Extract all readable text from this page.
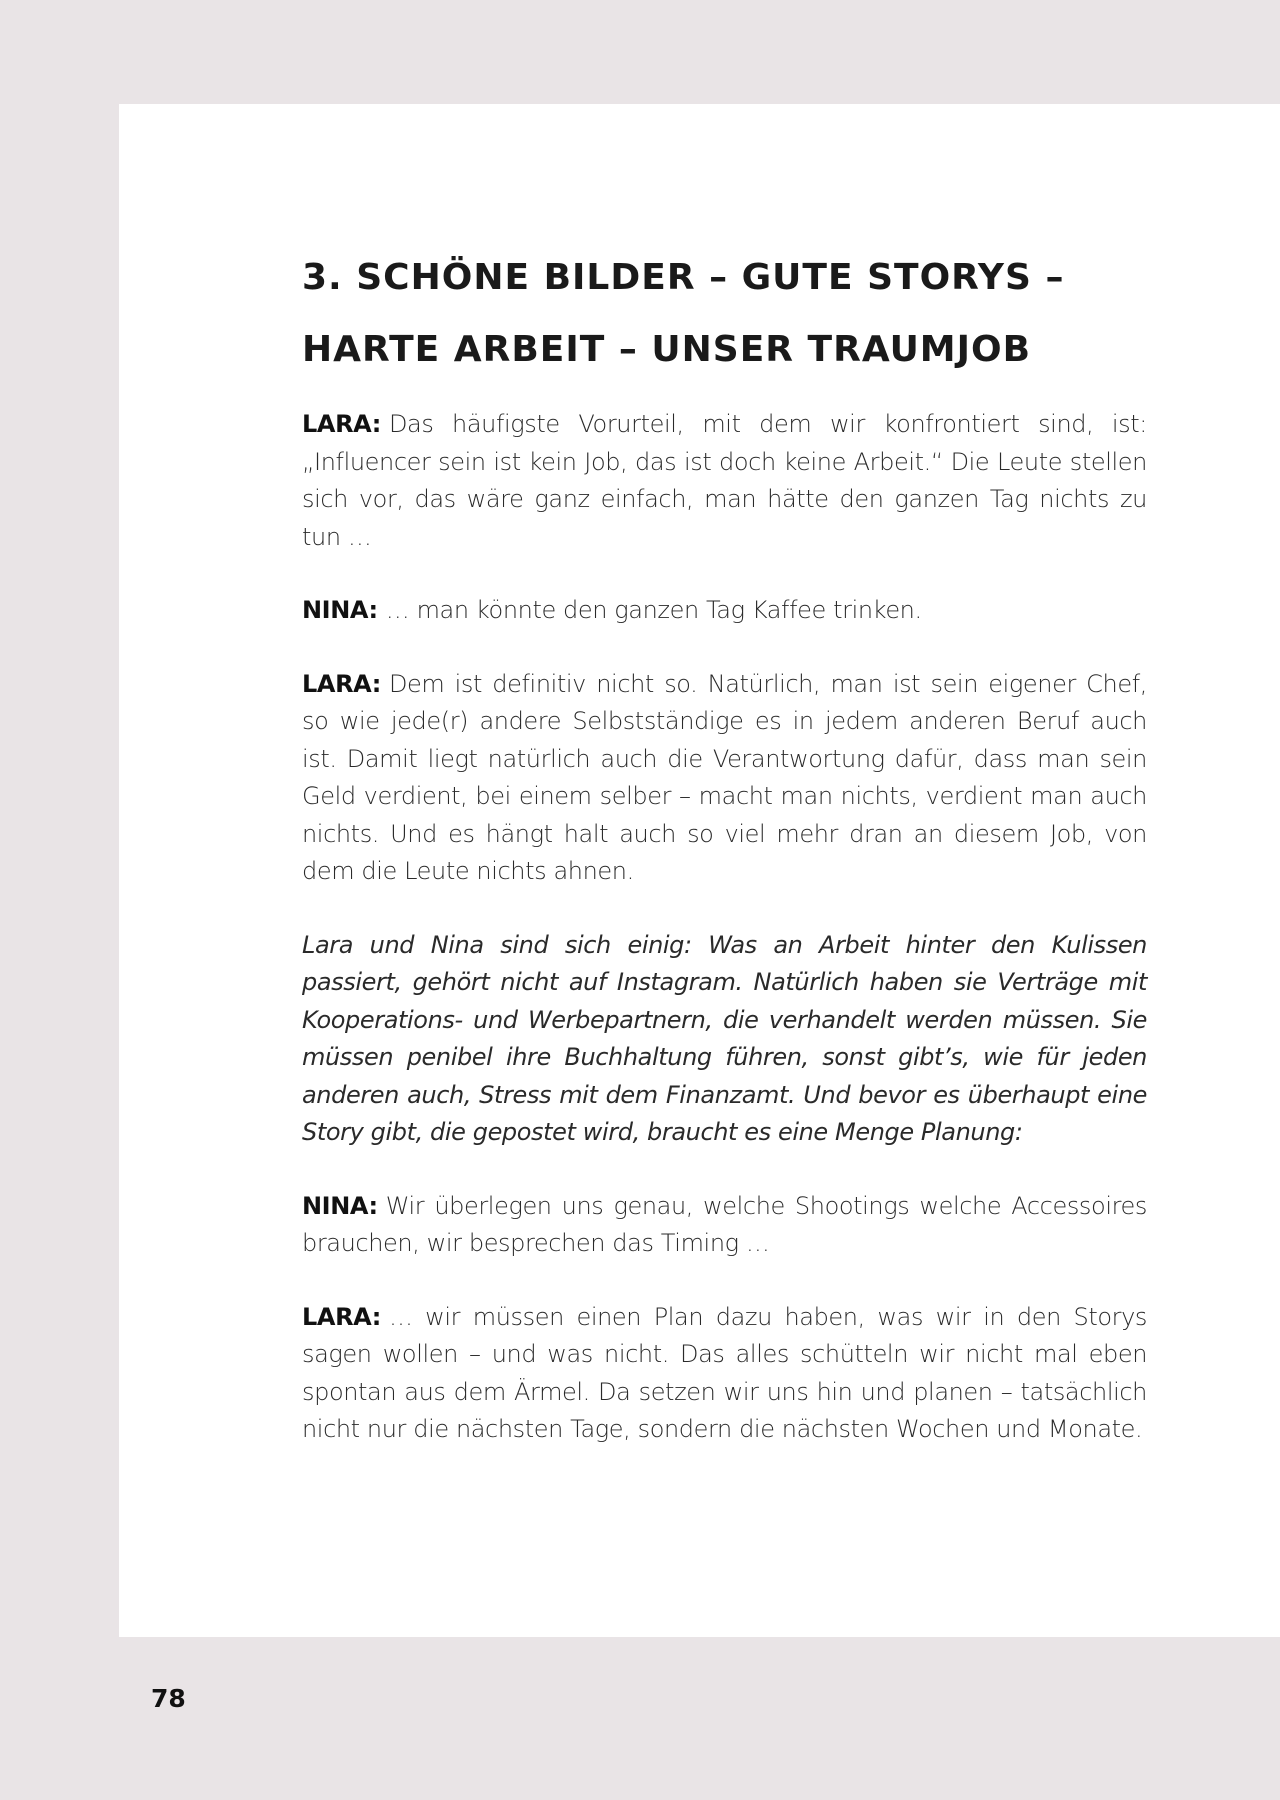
3. SCHÖNE BILDER – GUTE STORYS –

HARTE ARBEIT – UNSER TRAUMJOB

LARA: Das häufigste Vorurteil, mit dem wir konfrontiert sind, ist: „Influencer sein ist kein Job, das ist doch keine Arbeit.“ Die Leute stellen sich vor, das wäre ganz einfach, man hätte den ganzen Tag nichts zu tun …

NINA: … man könnte den ganzen Tag Kaffee trinken.

LARA: Dem ist definitiv nicht so. Natürlich, man ist sein eigener Chef, so wie jede(r) andere Selbstständige es in jedem anderen Beruf auch ist. Damit liegt natürlich auch die Verantwortung dafür, dass man sein Geld verdient, bei einem selber – macht man nichts, verdient man auch nichts. Und es hängt halt auch so viel mehr dran an diesem Job, von dem die Leute nichts ahnen.

Lara und Nina sind sich einig: Was an Arbeit hinter den Kulissen passiert, gehört nicht auf Instagram. Natürlich haben sie Verträge mit Kooperations- und Werbepartnern, die verhandelt werden müssen. Sie müssen penibel ihre Buchhaltung führen, sonst gibt’s, wie für jeden anderen auch, Stress mit dem Finanzamt. Und bevor es überhaupt eine Story gibt, die gepostet wird, braucht es eine Menge Planung:

NINA: Wir überlegen uns genau, welche Shootings welche Accessoires brauchen, wir besprechen das Timing …

LARA: … wir müssen einen Plan dazu haben, was wir in den Storys sagen wollen – und was nicht. Das alles schütteln wir nicht mal eben spontan aus dem Ärmel. Da setzen wir uns hin und planen – tatsächlich nicht nur die nächsten Tage, sondern die nächsten Wochen und Monate.

78
